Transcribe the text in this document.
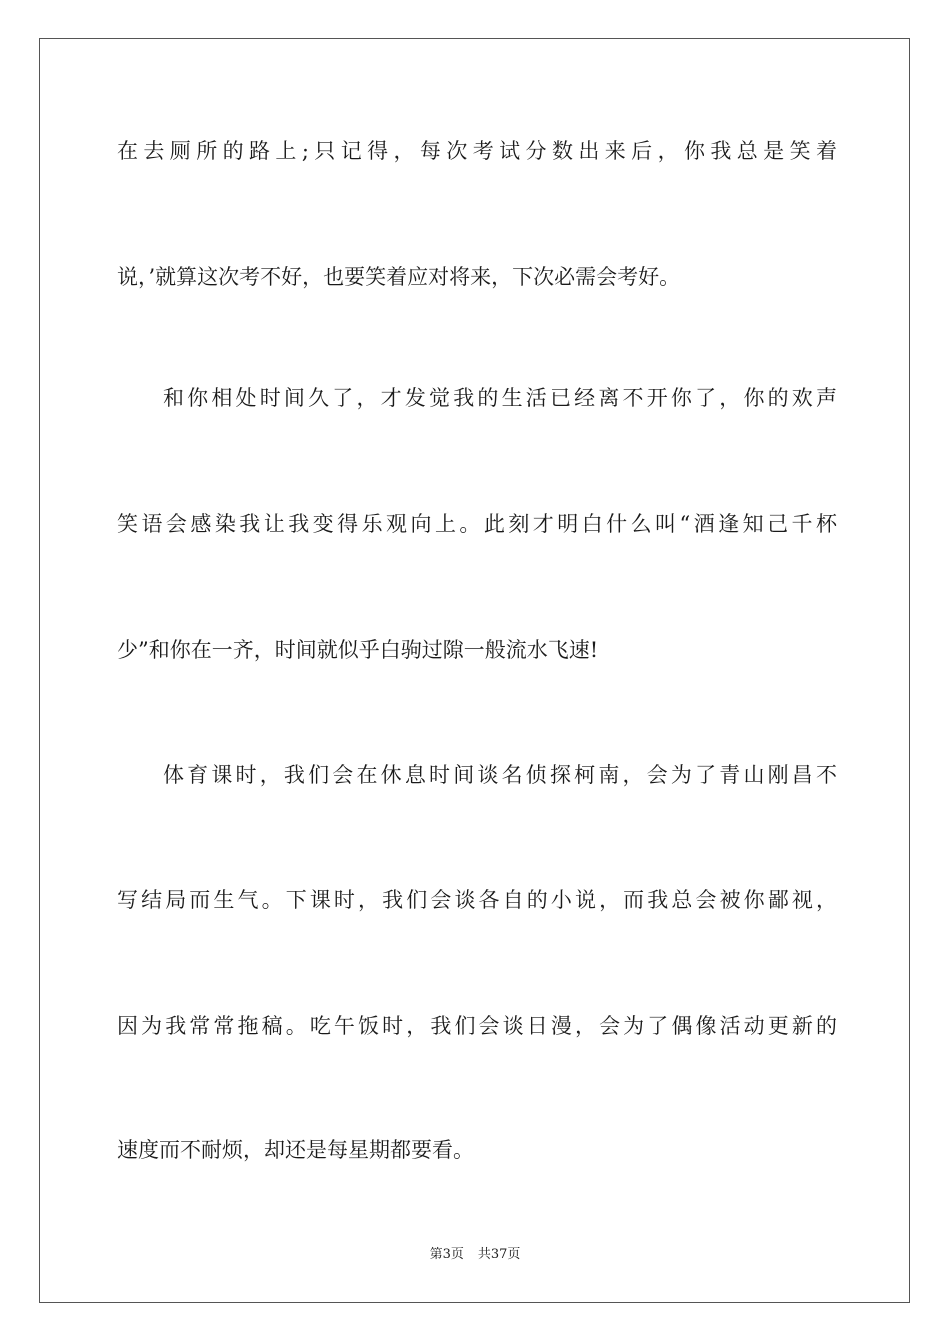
在去厕所的路上;只记得，每次考试分数出来后，你我总是笑着
说，’就算这次考不好，也要笑着应对将来，下次必需会考好。
和你相处时间久了，才发觉我的生活已经离不开你了，你的欢声
笑语会感染我让我变得乐观向上。此刻才明白什么叫“酒逢知己千杯
少”和你在一齐，时间就似乎白驹过隙一般流水飞速!
体育课时，我们会在休息时间谈名侦探柯南，会为了青山刚昌不
写结局而生气。下课时，我们会谈各自的小说，而我总会被你鄙视，
因为我常常拖稿。吃午饭时，我们会谈日漫，会为了偶像活动更新的
速度而不耐烦，却还是每星期都要看。
第3页 共37页
